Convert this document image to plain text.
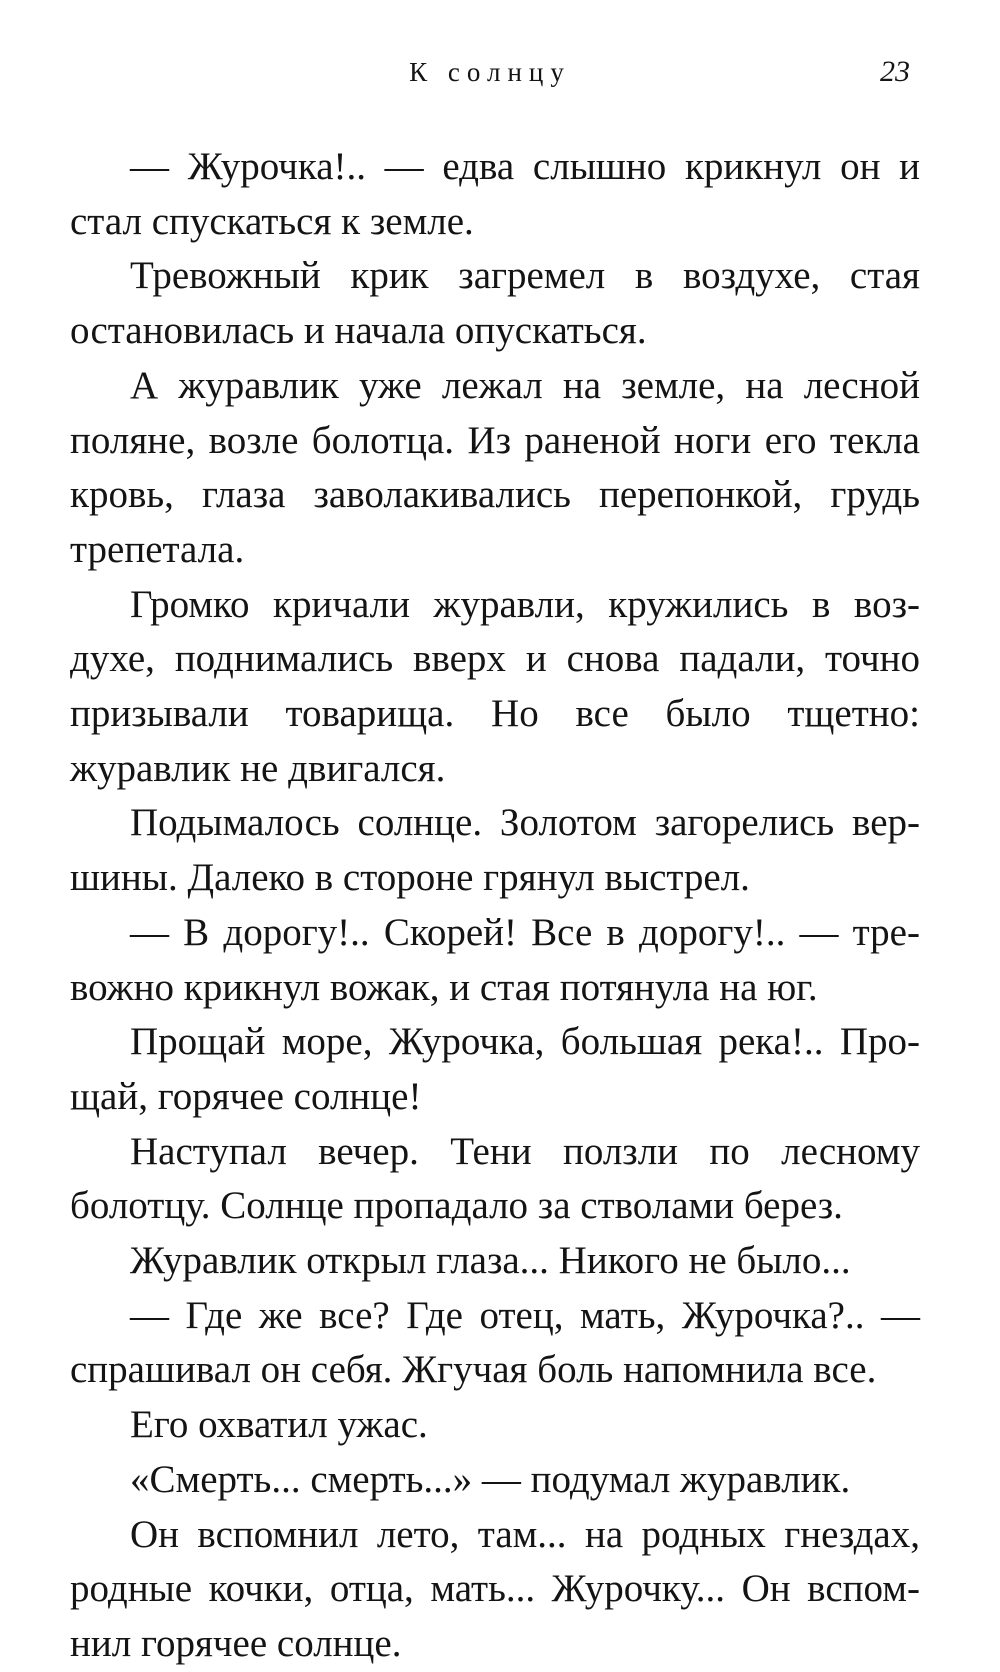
К солнцу	23

— Журочка!.. — едва слышно крикнул он и стал спускаться к земле.

Тревожный крик загремел в воздухе, стая остановилась и начала опускаться.

А журавлик уже лежал на земле, на лесной поляне, возле болотца. Из раненой ноги его текла кровь, глаза заволакивались перепонкой, грудь трепетала.

Громко кричали журавли, кружились в воздухе, поднимались вверх и снова падали, точно призывали товарища. Но все было тщетно: журавлик не двигался.

Подымалось солнце. Золотом загорелись вершины. Далеко в стороне грянул выстрел.

— В дорогу!.. Скорей! Все в дорогу!.. — тревожно крикнул вожак, и стая потянула на юг.

Прощай море, Журочка, большая река!.. Прощай, горячее солнце!

Наступал вечер. Тени ползли по лесному болотцу. Солнце пропадало за стволами берез.

Журавлик открыл глаза... Никого не было...

— Где же все? Где отец, мать, Журочка?.. — спрашивал он себя. Жгучая боль напомнила все.

Его охватил ужас.

«Смерть... смерть...» — подумал журавлик.

Он вспомнил лето, там... на родных гнездах, родные кочки, отца, мать... Журочку... Он вспомнил горячее солнце.
